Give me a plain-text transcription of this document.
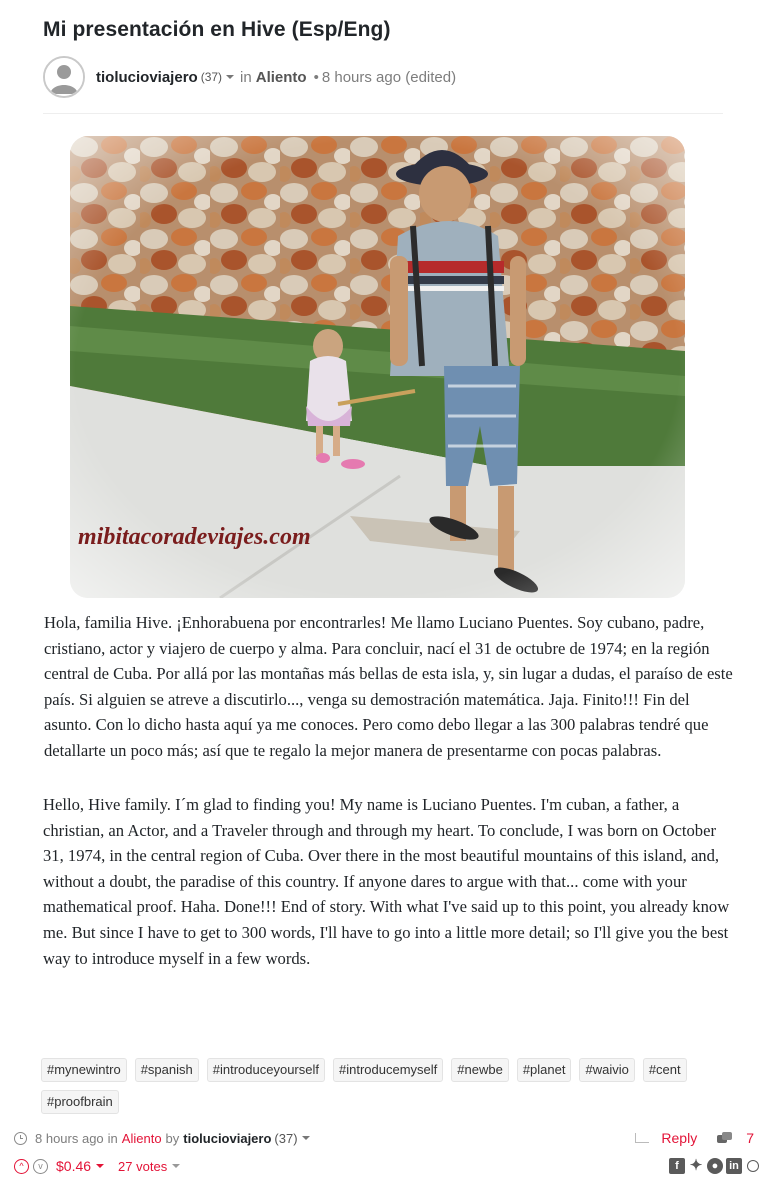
Mi presentación en Hive (Esp/Eng)
tiolucioviajero (37) in Aliento • 8 hours ago (edited)
mibitacoradeviajes.com

Hola, familia Hive. ¡Enhorabuena por encontrarles! Me llamo Luciano Puentes. Soy cubano, padre, cristiano, actor y viajero de cuerpo y alma. Para concluir, nací el 31 de octubre de 1974; en la región central de Cuba. Por allá por las montañas más bellas de esta isla, y, sin lugar a dudas, el paraíso de este país. Si alguien se atreve a discutirlo..., venga su demostración matemática. Jaja. Finito!!! Fin del asunto. Con lo dicho hasta aquí ya me conoces. Pero como debo llegar a las 300 palabras tendré que detallarte un poco más; así que te regalo la mejor manera de presentarme con pocas palabras.

Hello, Hive family. I´m glad to finding you! My name is Luciano Puentes. I'm cuban, a father, a christian, an Actor, and a Traveler through and through my heart. To conclude, I was born on October 31, 1974, in the central region of Cuba. Over there in the most beautiful mountains of this island, and, without a doubt, the paradise of this country. If anyone dares to argue with that... come with your mathematical proof. Haha. Done!!! End of story. With what I've said up to this point, you already know me. But since I have to get to 300 words, I'll have to go into a little more detail; so I'll give you the best way to introduce myself in a few words.

#mynewintro	#spanish	#introduceyourself	#introducemyself	#newbe	#planet	#waivio	#cent
#proofbrain
8 hours ago in Aliento by tiolucioviajero (37)	Reply	7
^	v $0.46 27 votes	f ✦ ● in
